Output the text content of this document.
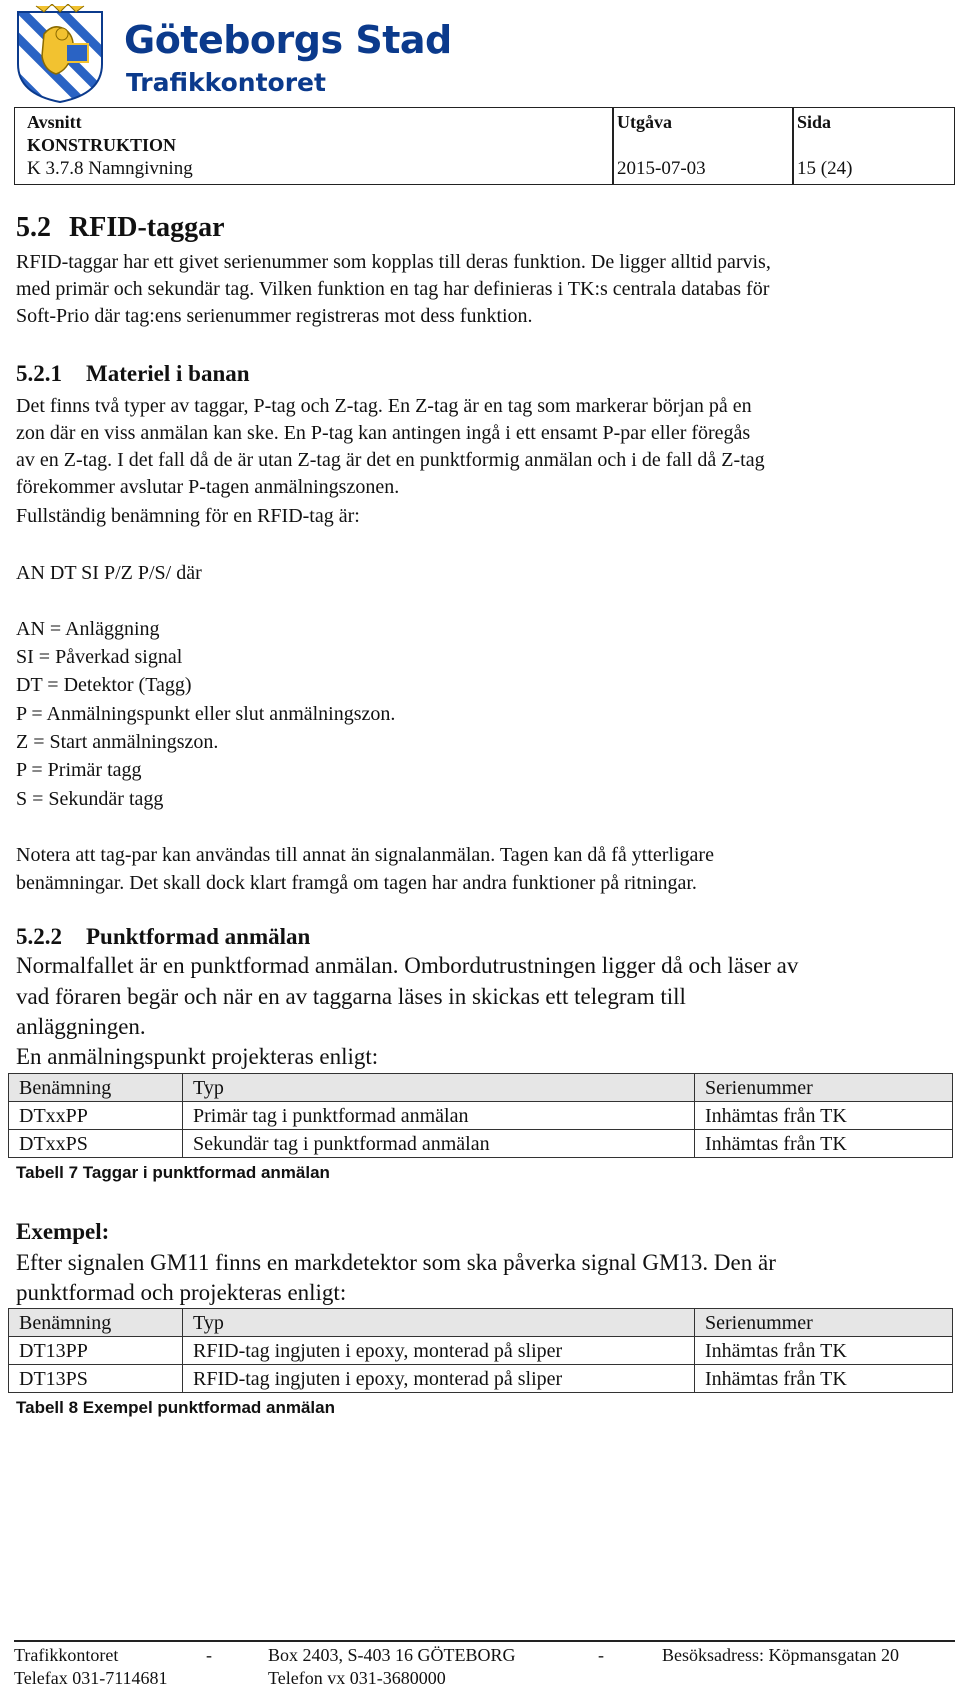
Göteborgs Stad
Trafikkontoret
Avsnitt
KONSTRUKTION
K 3.7.8 Namngivning
Utgåva
2015-07-03
Sida
15 (24)
5.2 RFID-taggar
RFID-taggar har ett givet serienummer som kopplas till deras funktion. De ligger alltid parvis,
med primär och sekundär tag. Vilken funktion en tag har definieras i TK:s centrala databas för
Soft-Prio där tag:ens serienummer registreras mot dess funktion.
5.2.1 Materiel i banan
Det finns två typer av taggar, P-tag och Z-tag. En Z-tag är en tag som markerar början på en
zon där en viss anmälan kan ske. En P-tag kan antingen ingå i ett ensamt P-par eller föregås
av en Z-tag. I det fall då de är utan Z-tag är det en punktformig anmälan och i de fall då Z-tag
förekommer avslutar P-tagen anmälningszonen.
Fullständig benämning för en RFID-tag är:
AN DT SI P/Z P/S/ där
AN = Anläggning
SI = Påverkad signal
DT = Detektor (Tagg)
P = Anmälningspunkt eller slut anmälningszon.
Z = Start anmälningszon.
P = Primär tagg
S = Sekundär tagg
Notera att tag-par kan användas till annat än signalanmälan. Tagen kan då få ytterligare
benämningar. Det skall dock klart framgå om tagen har andra funktioner på ritningar.
5.2.2 Punktformad anmälan
Normalfallet är en punktformad anmälan. Ombordutrustningen ligger då och läser av
vad föraren begär och när en av taggarna läses in skickas ett telegram till
anläggningen.
En anmälningspunkt projekteras enligt:
Benämning	Typ	Serienummer
DTxxPP	Primär tag i punktformad anmälan	Inhämtas från TK
DTxxPS	Sekundär tag i punktformad anmälan	Inhämtas från TK
Tabell 7 Taggar i punktformad anmälan
Exempel:
Efter signalen GM11 finns en markdetektor som ska påverka signal GM13. Den är
punktformad och projekteras enligt:
Benämning	Typ	Serienummer
DT13PP	RFID-tag ingjuten i epoxy, monterad på sliper	Inhämtas från TK
DT13PS	RFID-tag ingjuten i epoxy, monterad på sliper	Inhämtas från TK
Tabell 8 Exempel punktformad anmälan
Trafikkontoret	-	Box 2403, S-403 16 GÖTEBORG	-	Besöksadress: Köpmansgatan 20
Telefax 031-7114681	Telefon vx 031-3680000
